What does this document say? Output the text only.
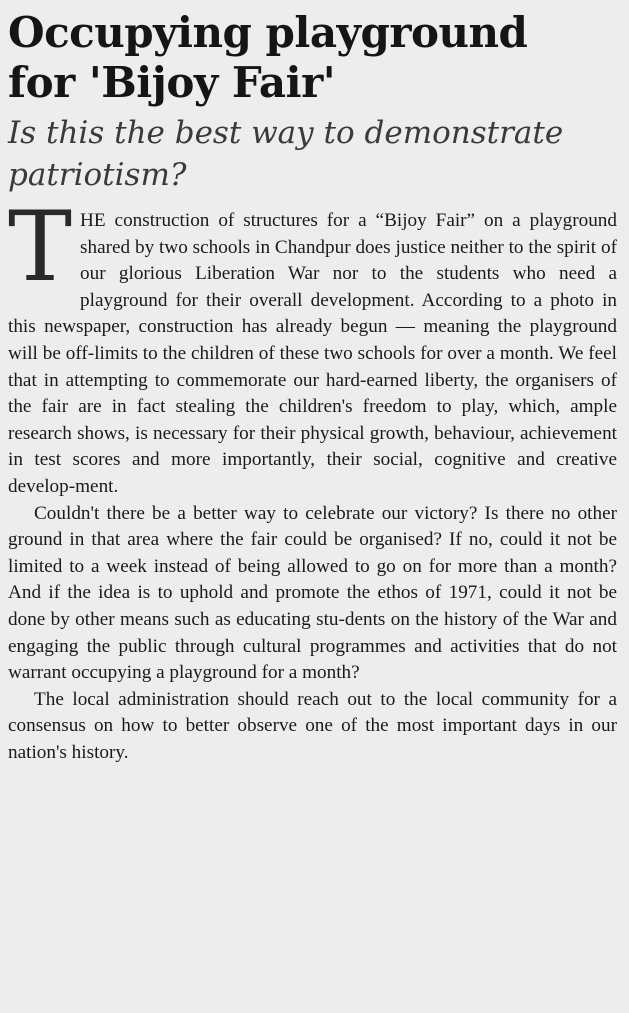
Occupying playground
for 'Bijoy Fair'
Is this the best way to demonstrate patriotism?

THE construction of structures for a “Bijoy Fair” on a playground shared by two schools in Chandpur does justice neither to the spirit of our glorious Liberation War nor to the students who need a playground for their overall development. According to a photo in this newspaper, construction has already begun — meaning the playground will be off-limits to the children of these two schools for over a month. We feel that in attempting to commemorate our hard-earned liberty, the organisers of the fair are in fact stealing the children's freedom to play, which, ample research shows, is necessary for their physical growth, behaviour, achievement in test scores and more importantly, their social, cognitive and creative develop-ment.

Couldn't there be a better way to celebrate our victory? Is there no other ground in that area where the fair could be organised? If no, could it not be limited to a week instead of being allowed to go on for more than a month? And if the idea is to uphold and promote the ethos of 1971, could it not be done by other means such as educating stu-dents on the history of the War and engaging the public through cultural programmes and activities that do not warrant occupying a playground for a month?

The local administration should reach out to the local community for a consensus on how to better observe one of the most important days in our nation's history.
